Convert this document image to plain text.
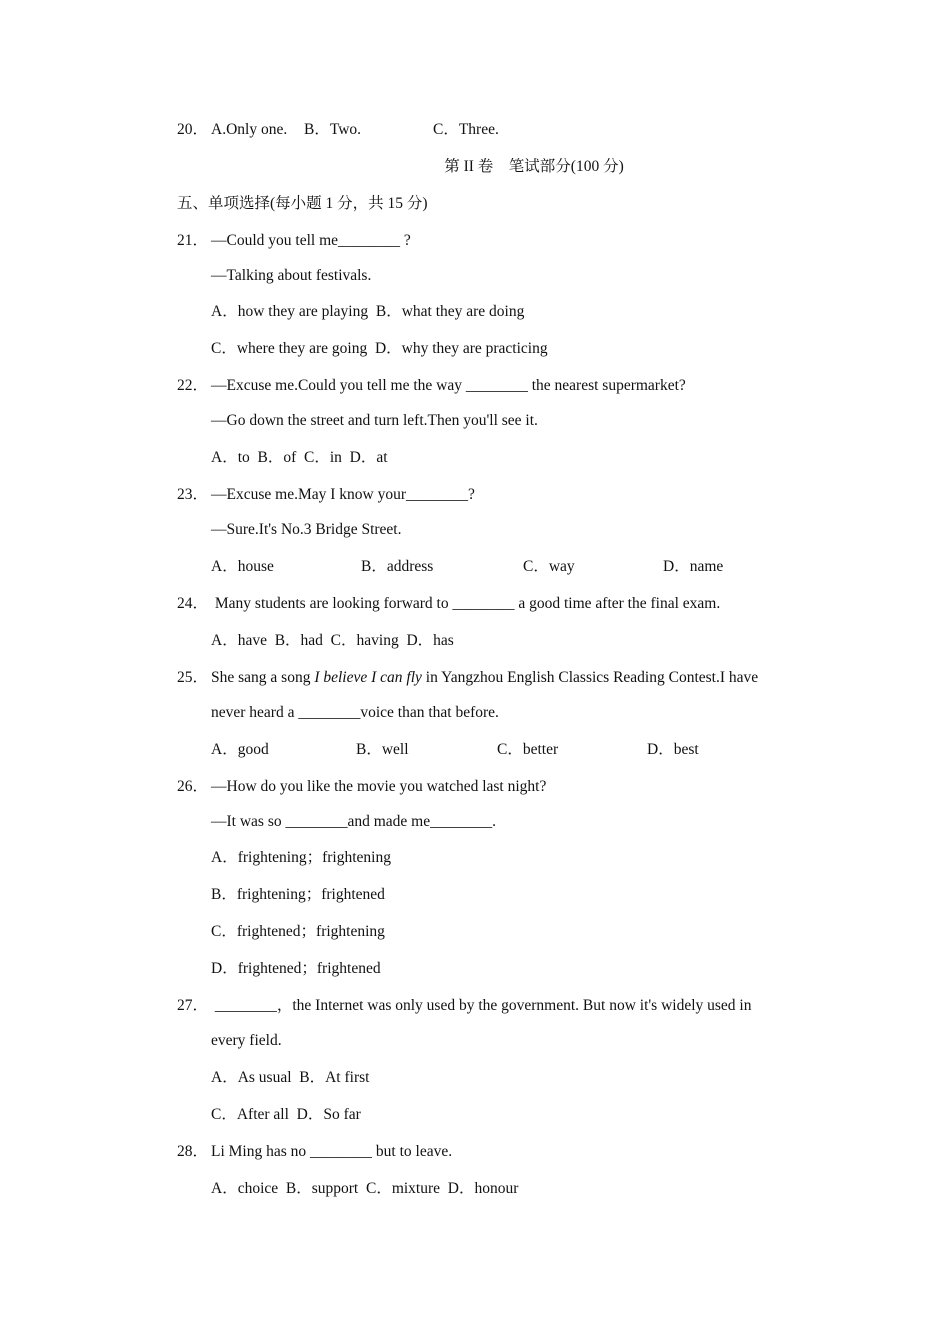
20． A.Only one. B．Two.	C．Three.
第 II 卷　笔试部分(100 分)
五、单项选择(每小题 1 分，共 15 分)
21． —Could you tell me________ ?
—Talking about festivals.
A．how they are playing  B．what they are doing
C．where they are going  D．why they are practicing
22． —Excuse me.Could you tell me the way ________ the nearest supermarket?
—Go down the street and turn left.Then you'll see it.
A．to  B．of  C．in  D．at
23． —Excuse me.May I know your________?
—Sure.It's No.3 Bridge Street.
A．house	B．address	C．way	D．name
24． Many students are looking forward to ________ a good time after the final exam.
A．have  B．had  C．having  D．has
25． She sang a song I believe I can fly in Yangzhou English Classics Reading Contest.I have
never heard a ________voice than that before.
A．good	B．well	C．better	D．best
26． —How do you like the movie you watched last night?
—It was so ________and made me________.
A．frightening；frightening
B．frightening；frightened
C．frightened；frightening
D．frightened；frightened
27． ________，the Internet was only used by the government. But now it's widely used in
every field.
A．As usual  B．At first
C．After all  D．So far
28． Li Ming has no ________ but to leave.
A．choice  B．support  C．mixture  D．honour
